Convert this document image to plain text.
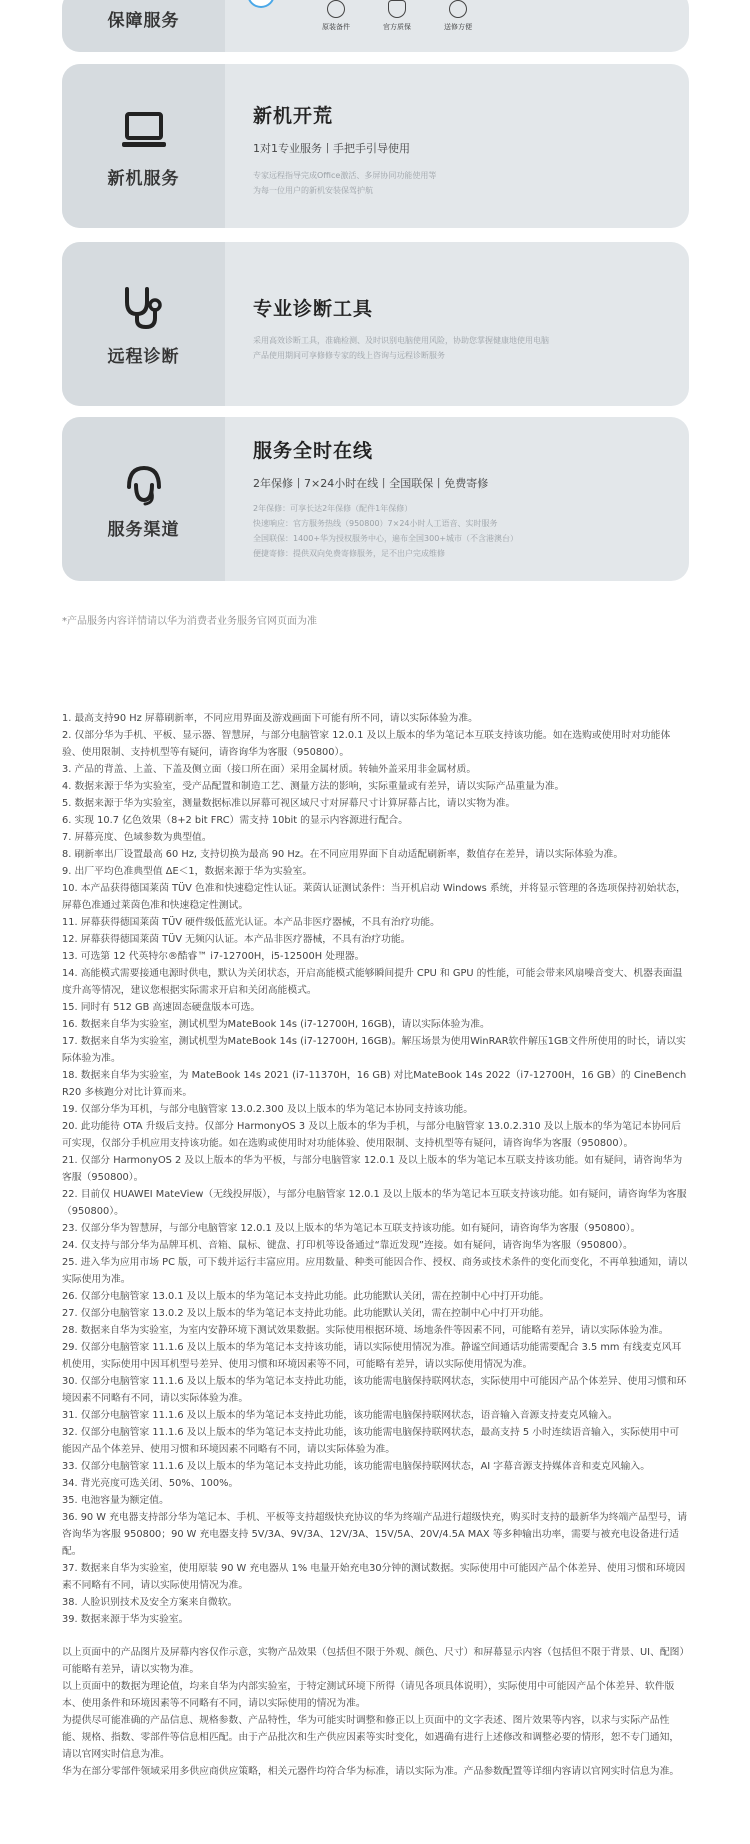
保障服务	原装备件	官方质保	送修方便
新机服务
新机开荒
1对1专业服务丨手把手引导使用
专家远程指导完成Office激活、多屏协同功能使用等
为每一位用户的新机安装保驾护航
远程诊断
专业诊断工具
采用高效诊断工具，准确检测、及时识别电脑使用风险，协助您掌握健康地使用电脑
产品使用期间可享修修专家的线上咨询与远程诊断服务
服务渠道
服务全时在线
2年保修丨7×24小时在线丨全国联保丨免费寄修
2年保修：可享长达2年保修（配件1年保修）
快速响应：官方服务热线（950800）7×24小时人工语音、实时服务
全国联保：1400+华为授权服务中心，遍布全国300+城市（不含港澳台）
便捷寄修：提供双向免费寄修服务，足不出户完成维修
*产品服务内容详情请以华为消费者业务服务官网页面为准

1. 最高支持90 Hz 屏幕刷新率，不同应用界面及游戏画面下可能有所不同，请以实际体验为准。

2. 仅部分华为手机、平板、显示器、智慧屏，与部分电脑管家 12.0.1 及以上版本的华为笔记本互联支持该功能。如在选购或使用时对功能体验、使用限制、支持机型等有疑问，请咨询华为客服（950800）。

3. 产品的背盖、上盖、下盖及侧立面（接口所在面）采用金属材质。转轴外盖采用非金属材质。

4. 数据来源于华为实验室，受产品配置和制造工艺、测量方法的影响，实际重量或有差异，请以实际产品重量为准。

5. 数据来源于华为实验室，测量数据标准以屏幕可视区域尺寸对屏幕尺寸计算屏幕占比，请以实物为准。

6. 实现 10.7 亿色效果（8+2 bit FRC）需支持 10bit 的显示内容源进行配合。

7. 屏幕亮度、色域参数为典型值。

8. 刷新率出厂设置最高 60 Hz, 支持切换为最高 90 Hz。在不同应用界面下自动适配刷新率，数值存在差异，请以实际体验为准。

9. 出厂平均色准典型值 ΔE＜1，数据来源于华为实验室。

10. 本产品获得德国莱茵 TÜV 色准和快速稳定性认证。莱茵认证测试条件：当开机启动 Windows 系统，并将显示管理的各选项保持初始状态，屏幕色准通过莱茵色准和快速稳定性测试。

11. 屏幕获得德国莱茵 TÜV 硬件级低蓝光认证。本产品非医疗器械，不具有治疗功能。

12. 屏幕获得德国莱茵 TÜV 无频闪认证。本产品非医疗器械，不具有治疗功能。

13. 可选第 12 代英特尔®酷睿™ i7-12700H，i5-12500H 处理器。

14. 高能模式需要接通电源时供电，默认为关闭状态，开启高能模式能够瞬间提升 CPU 和 GPU 的性能，可能会带来风扇噪音变大、机器表面温度升高等情况，建议您根据实际需求开启和关闭高能模式。

15. 同时有 512 GB 高速固态硬盘版本可选。

16. 数据来自华为实验室，测试机型为MateBook 14s (i7-12700H, 16GB)，请以实际体验为准。

17. 数据来自华为实验室，测试机型为MateBook 14s (i7-12700H, 16GB)。解压场景为使用WinRAR软件解压1GB文件所使用的时长，请以实际体验为准。

18. 数据来自华为实验室，为 MateBook 14s 2021 (i7-11370H，16 GB) 对比MateBook 14s 2022（i7-12700H，16 GB）的 CineBench R20 多核跑分对比计算而来。

19. 仅部分华为耳机，与部分电脑管家 13.0.2.300 及以上版本的华为笔记本协同支持该功能。

20. 此功能待 OTA 升级后支持。仅部分 HarmonyOS 3 及以上版本的华为手机，与部分电脑管家 13.0.2.310 及以上版本的华为笔记本协同后可实现，仅部分手机应用支持该功能。如在选购或使用时对功能体验、使用限制、支持机型等有疑问，请咨询华为客服（950800）。

21. 仅部分 HarmonyOS 2 及以上版本的华为平板，与部分电脑管家 12.0.1 及以上版本的华为笔记本互联支持该功能。如有疑问，请咨询华为客服（950800）。

22. 目前仅 HUAWEI MateView（无线投屏版），与部分电脑管家 12.0.1 及以上版本的华为笔记本互联支持该功能。如有疑问，请咨询华为客服（950800）。

23. 仅部分华为智慧屏，与部分电脑管家 12.0.1 及以上版本的华为笔记本互联支持该功能。如有疑问，请咨询华为客服（950800）。

24. 仅支持与部分华为品牌耳机、音箱、鼠标、键盘、打印机等设备通过“靠近发现”连接。如有疑问，请咨询华为客服（950800）。

25. 进入华为应用市场 PC 版，可下载并运行丰富应用。应用数量、种类可能因合作、授权、商务或技术条件的变化而变化，不再单独通知，请以实际使用为准。

26. 仅部分电脑管家 13.0.1 及以上版本的华为笔记本支持此功能。此功能默认关闭，需在控制中心中打开功能。

27. 仅部分电脑管家 13.0.2 及以上版本的华为笔记本支持此功能。此功能默认关闭，需在控制中心中打开功能。

28. 数据来自华为实验室，为室内安静环境下测试效果数据。实际使用根据环境、场地条件等因素不同，可能略有差异，请以实际体验为准。

29. 仅部分电脑管家 11.1.6 及以上版本的华为笔记本支持该功能，请以实际使用情况为准。静谧空间通话功能需要配合 3.5 mm 有线麦克风耳机使用，实际使用中因耳机型号差异、使用习惯和环境因素等不同，可能略有差异，请以实际使用情况为准。

30. 仅部分电脑管家 11.1.6 及以上版本的华为笔记本支持此功能，该功能需电脑保持联网状态，实际使用中可能因产品个体差异、使用习惯和环境因素不同略有不同，请以实际体验为准。

31. 仅部分电脑管家 11.1.6 及以上版本的华为笔记本支持此功能，该功能需电脑保持联网状态，语音输入音源支持麦克风输入。

32. 仅部分电脑管家 11.1.6 及以上版本的华为笔记本支持此功能，该功能需电脑保持联网状态，最高支持 5 小时连续语音输入，实际使用中可能因产品个体差异、使用习惯和环境因素不同略有不同，请以实际体验为准。

33. 仅部分电脑管家 11.1.6 及以上版本的华为笔记本支持此功能，该功能需电脑保持联网状态，AI 字幕音源支持媒体音和麦克风输入。

34. 背光亮度可选关闭、50%、100%。

35. 电池容量为额定值。

36. 90 W 充电器支持部分华为笔记本、手机、平板等支持超级快充协议的华为终端产品进行超级快充，购买时支持的最新华为终端产品型号，请咨询华为客服 950800；90 W 充电器支持 5V/3A、9V/3A、12V/3A、15V/5A、20V/4.5A MAX 等多种输出功率，需要与被充电设备进行适配。

37. 数据来自华为实验室，使用原装 90 W 充电器从 1% 电量开始充电30分钟的测试数据。实际使用中可能因产品个体差异、使用习惯和环境因素不同略有不同，请以实际使用情况为准。

38. 人脸识别技术及安全方案来自微软。

39. 数据来源于华为实验室。

以上页面中的产品图片及屏幕内容仅作示意，实物产品效果（包括但不限于外观、颜色、尺寸）和屏幕显示内容（包括但不限于背景、UI、配图）可能略有差异，请以实物为准。

以上页面中的数据为理论值，均来自华为内部实验室，于特定测试环境下所得（请见各项具体说明），实际使用中可能因产品个体差异、软件版本、使用条件和环境因素等不同略有不同，请以实际使用的情况为准。

为提供尽可能准确的产品信息、规格参数、产品特性，华为可能实时调整和修正以上页面中的文字表述、图片效果等内容，以求与实际产品性能、规格、指数、零部件等信息相匹配。由于产品批次和生产供应因素等实时变化，如遇确有进行上述修改和调整必要的情形，恕不专门通知，请以官网实时信息为准。

华为在部分零部件领域采用多供应商供应策略，相关元器件均符合华为标准，请以实际为准。产品参数配置等详细内容请以官网实时信息为准。
